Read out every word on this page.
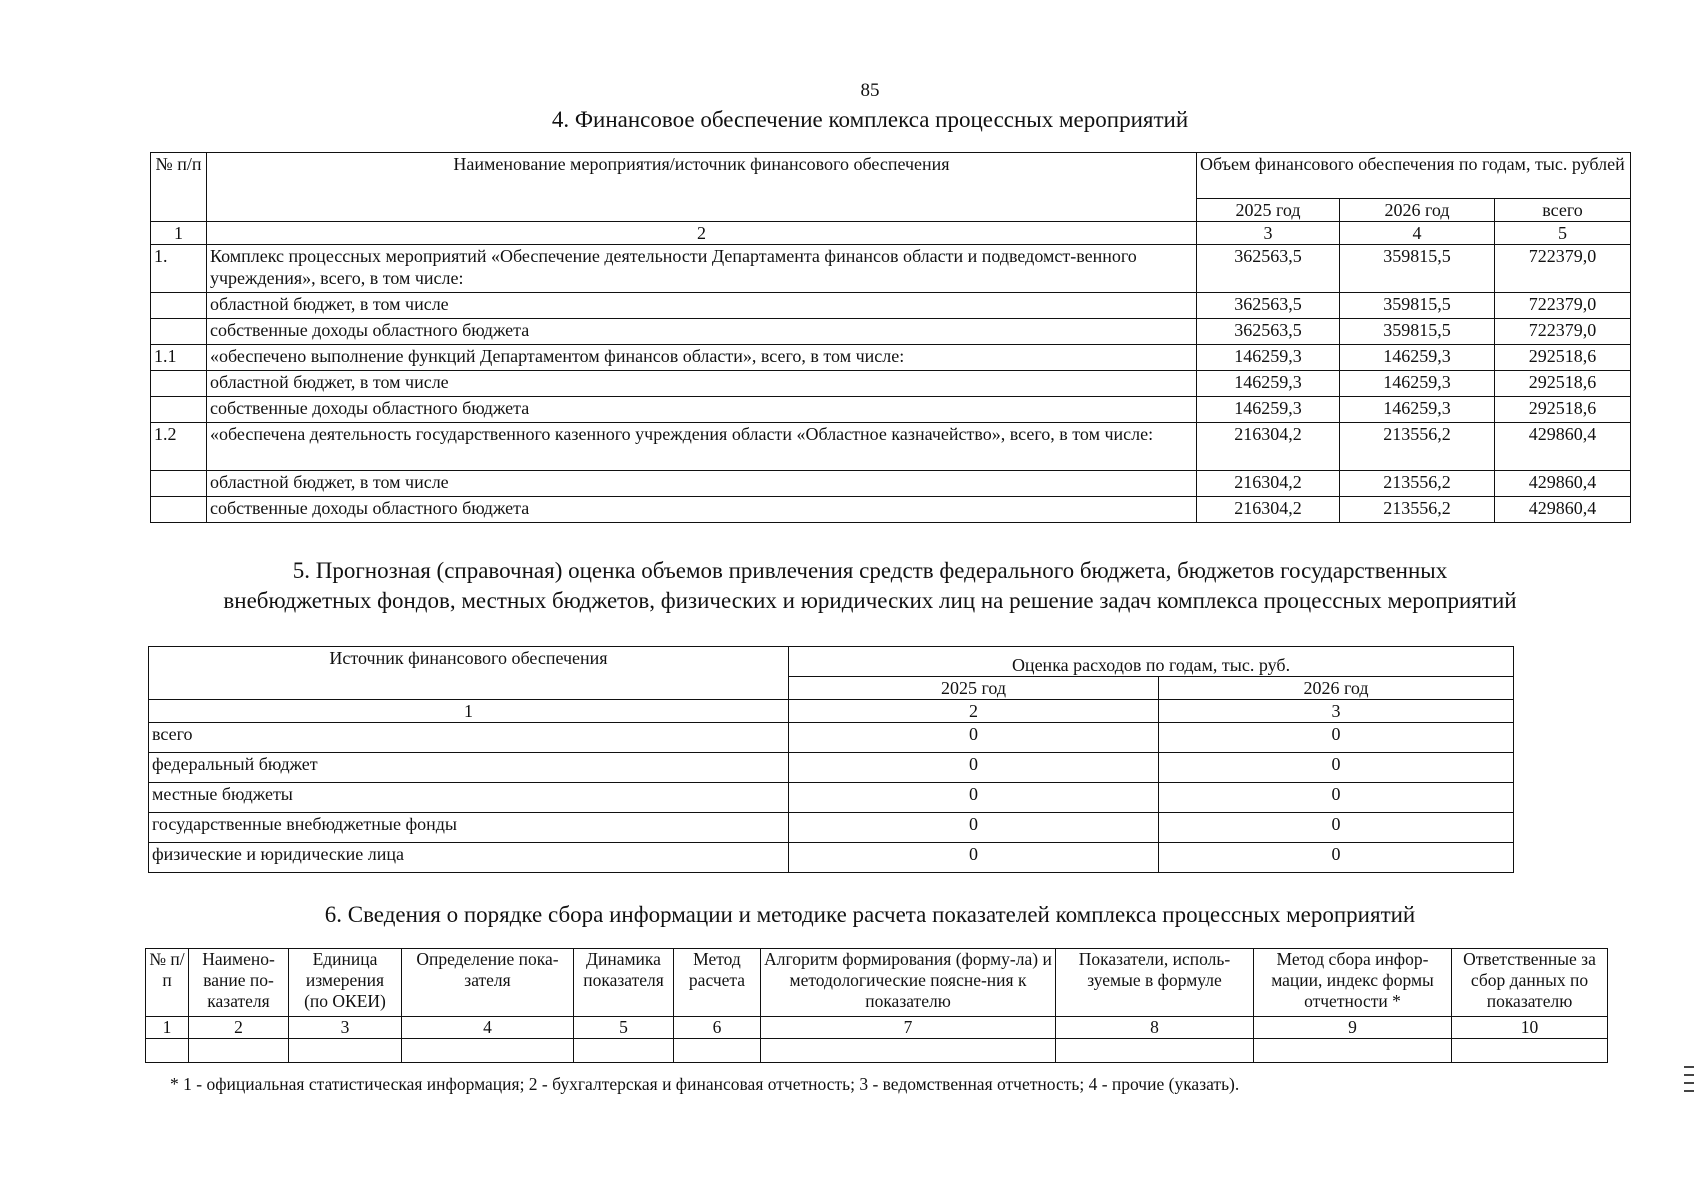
85
4. Финансовое обеспечение комплекса процессных мероприятий
№ п/п	Наименование мероприятия/источник финансового обеспечения	Объем финансового обеспечения по годам, тыс. рублей		
		2025 год	2026 год	всего
1	2	3	4	5
1.	Комплекс процессных мероприятий «Обеспечение деятельности Департамента финансов области и подведомст-венного учреждения», всего, в том числе:	362563,5	359815,5	722379,0
	областной бюджет, в том числе	362563,5	359815,5	722379,0
	собственные доходы областного бюджета	362563,5	359815,5	722379,0
1.1	«обеспечено выполнение функций Департаментом финансов области», всего, в том числе:	146259,3	146259,3	292518,6
	областной бюджет, в том числе	146259,3	146259,3	292518,6
	собственные доходы областного бюджета	146259,3	146259,3	292518,6
1.2	«обеспечена деятельность государственного казенного учреждения области «Областное казначейство», всего, в том числе:	216304,2	213556,2	429860,4
	областной бюджет, в том числе	216304,2	213556,2	429860,4
	собственные доходы областного бюджета	216304,2	213556,2	429860,4
5. Прогнозная (справочная) оценка объемов привлечения средств федерального бюджета, бюджетов государственных
внебюджетных фондов, местных бюджетов, физических и юридических лиц на решение задач комплекса процессных мероприятий
Источник финансового обеспечения	Оценка расходов по годам, тыс. руб.	
	2025 год	2026 год
1	2	3
всего	0	0
федеральный бюджет	0	0
местные бюджеты	0	0
государственные внебюджетные фонды	0	0
физические и юридические лица	0	0
6. Сведения о порядке сбора информации и методике расчета показателей комплекса процессных мероприятий
№ п/п	Наимено-вание по-казателя	Единица измерения (по ОКЕИ)	Определение пока-зателя	Динамика показателя	Метод расчета	Алгоритм формирования (форму-ла) и методологические поясне-ния к показателю	Показатели, исполь-зуемые в формуле	Метод сбора инфор-мации, индекс формы отчетности *	Ответственные за сбор данных по показателю
1	2	3	4	5	6	7	8	9	10

* 1 - официальная статистическая информация; 2 - бухгалтерская и финансовая отчетность; 3 - ведомственная отчетность; 4 - прочие (указать).
